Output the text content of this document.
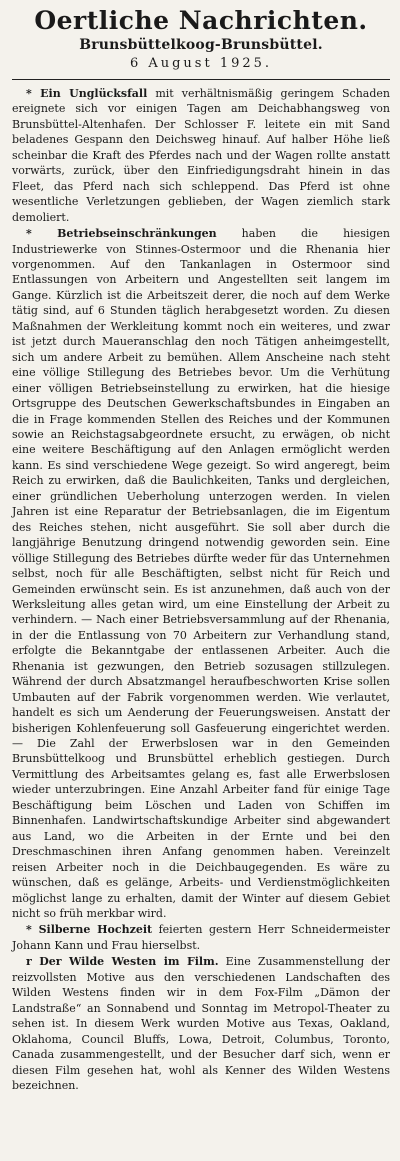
Oertliche Nachrichten.
Brunsbüttelkoog-Brunsbüttel.
6 August 1925.

* Ein Unglücksfall mit verhältnismäßig geringem Schaden ereignete sich vor einigen Tagen am Deichabhangsweg von Brunsbüttel-Altenhafen. Der Schlosser F. leitete ein mit Sand beladenes Gespann den Deichsweg hinauf. Auf halber Höhe ließ scheinbar die Kraft des Pferdes nach und der Wagen rollte anstatt vorwärts, zurück, über den Einfriedigungsdraht hinein in das Fleet, das Pferd nach sich schleppend. Das Pferd ist ohne wesentliche Verletzungen geblieben, der Wagen ziemlich stark demoliert.

* Betriebseinschränkungen haben die hiesigen Industriewerke von Stinnes-Ostermoor und die Rhenania hier vorgenommen. Auf den Tankanlagen in Ostermoor sind Entlassungen von Arbeitern und Angestellten seit langem im Gange. Kürzlich ist die Arbeitszeit derer, die noch auf dem Werke tätig sind, auf 6 Stunden täglich herabgesetzt worden. Zu diesen Maßnahmen der Werkleitung kommt noch ein weiteres, und zwar ist jetzt durch Maueranschlag den noch Tätigen anheimgestellt, sich um andere Arbeit zu bemühen. Allem Anscheine nach steht eine völlige Stillegung des Betriebes bevor. Um die Verhütung einer völligen Betriebseinstellung zu erwirken, hat die hiesige Ortsgruppe des Deutschen Gewerkschaftsbundes in Eingaben an die in Frage kommenden Stellen des Reiches und der Kommunen sowie an Reichstagsabgeordnete ersucht, zu erwägen, ob nicht eine weitere Beschäftigung auf den Anlagen ermöglicht werden kann. Es sind verschiedene Wege gezeigt. So wird angeregt, beim Reich zu erwirken, daß die Baulichkeiten, Tanks und dergleichen, einer gründlichen Ueberholung unterzogen werden. In vielen Jahren ist eine Reparatur der Betriebsanlagen, die im Eigentum des Reiches stehen, nicht ausgeführt. Sie soll aber durch die langjährige Benutzung dringend notwendig geworden sein. Eine völlige Stillegung des Betriebes dürfte weder für das Unternehmen selbst, noch für alle Beschäftigten, selbst nicht für Reich und Gemeinden erwünscht sein. Es ist anzunehmen, daß auch von der Werksleitung alles getan wird, um eine Einstellung der Arbeit zu verhindern. — Nach einer Betriebsversammlung auf der Rhenania, in der die Entlassung von 70 Arbeitern zur Verhandlung stand, erfolgte die Bekanntgabe der entlassenen Arbeiter. Auch die Rhenania ist gezwungen, den Betrieb sozusagen stillzulegen. Während der durch Absatzmangel heraufbeschworten Krise sollen Umbauten auf der Fabrik vorgenommen werden. Wie verlautet, handelt es sich um Aenderung der Feuerungsweisen. Anstatt der bisherigen Kohlenfeuerung soll Gasfeuerung eingerichtet werden. — Die Zahl der Erwerbslosen war in den Gemeinden Brunsbüttelkoog und Brunsbüttel erheblich gestiegen. Durch Vermittlung des Arbeitsamtes gelang es, fast alle Erwerbslosen wieder unterzubringen. Eine Anzahl Arbeiter fand für einige Tage Beschäftigung beim Löschen und Laden von Schiffen im Binnenhafen. Landwirtschaftskundige Arbeiter sind abgewandert aus Land, wo die Arbeiten in der Ernte und bei den Dreschmaschinen ihren Anfang genommen haben. Vereinzelt reisen Arbeiter noch in die Deichbaugegenden. Es wäre zu wünschen, daß es gelänge, Arbeits- und Verdienstmöglichkeiten möglichst lange zu erhalten, damit der Winter auf diesem Gebiet nicht so früh merkbar wird.

* Silberne Hochzeit feierten gestern Herr Schneidermeister Johann Kann und Frau hierselbst.

r Der Wilde Westen im Film. Eine Zusammenstellung der reizvollsten Motive aus den verschiedenen Landschaften des Wilden Westens finden wir in dem Fox-Film „Dämon der Landstraße“ an Sonnabend und Sonntag im Metropol-Theater zu sehen ist. In diesem Werk wurden Motive aus Texas, Oakland, Oklahoma, Council Bluffs, Lowa, Detroit, Columbus, Toronto, Canada zusammengestellt, und der Besucher darf sich, wenn er diesen Film gesehen hat, wohl als Kenner des Wilden Westens bezeichnen.
